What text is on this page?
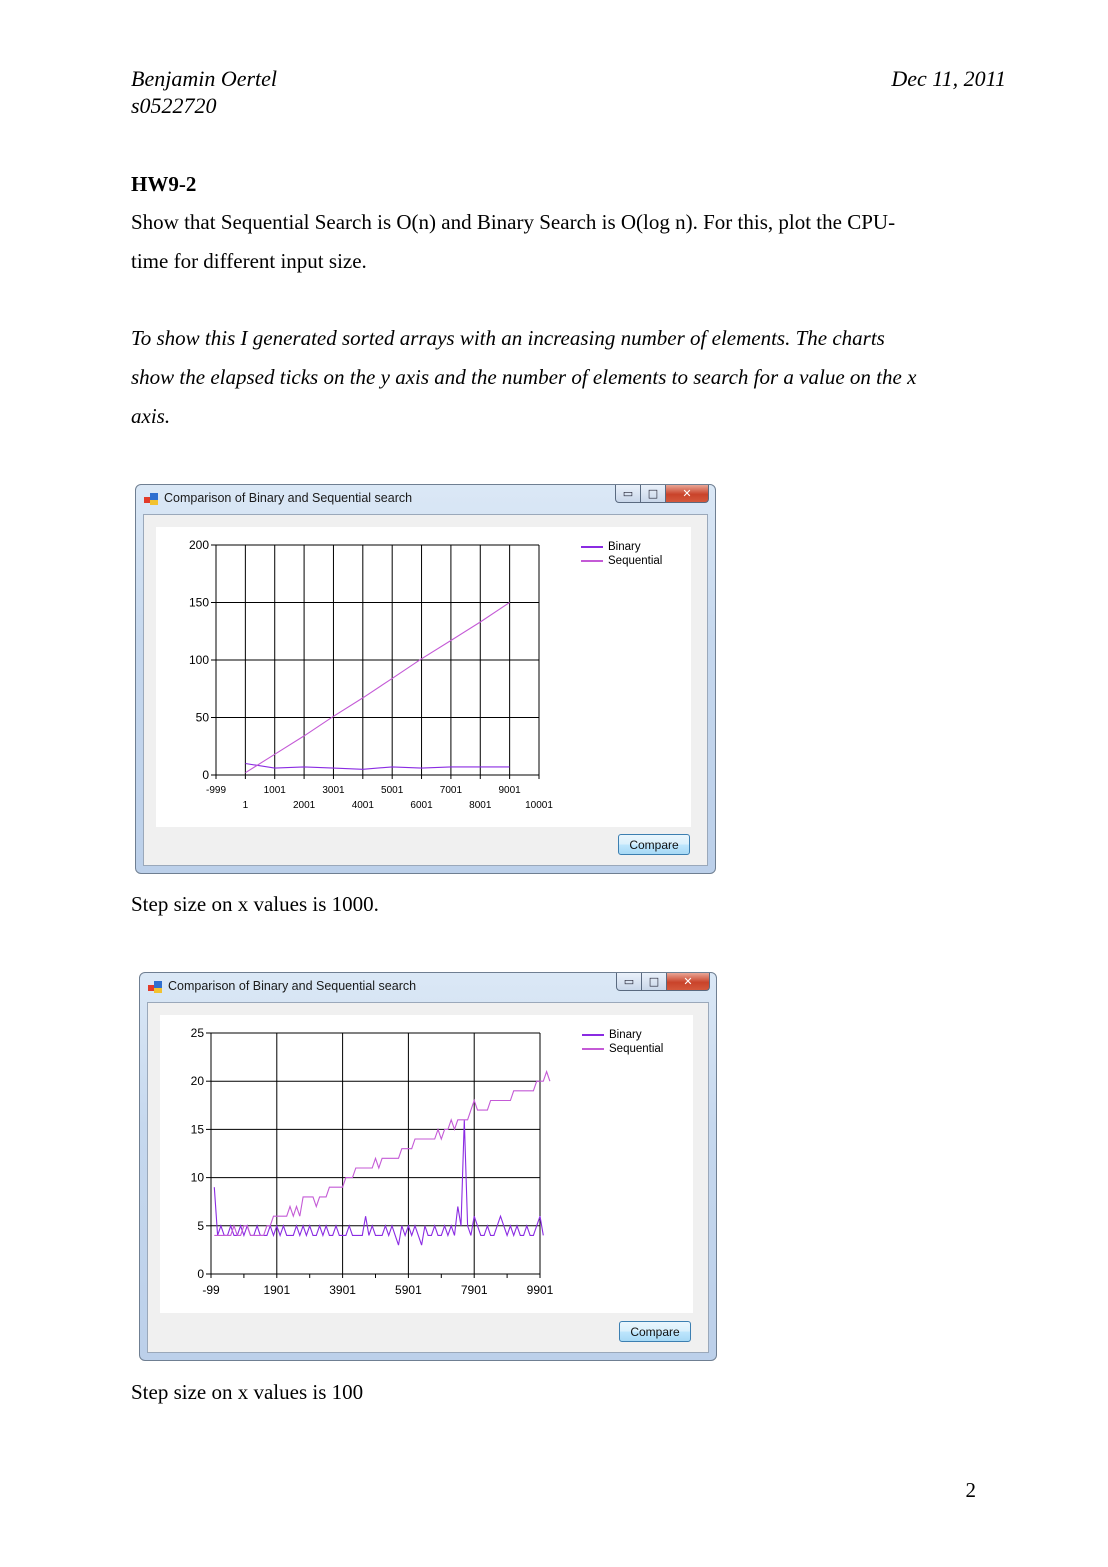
Benjamin Oertel
s0522720
Dec 11, 2011
HW9-2
Show that Sequential Search is O(n) and Binary Search is O(log n). For this, plot the CPU-
time for different input size.
To show this I generated sorted arrays with an increasing number of elements. The charts
show the elapsed ticks on the y axis and the number of elements to search for a value on the x
axis.
Comparison of Binary and Sequential search	▭ □ ✕
0
50
100
150
200
-999	1001	3001	5001	7001	9001
1	2001	4001	6001	8001	10001
Binary
Sequential
Compare
Step size on x values is 1000.
Comparison of Binary and Sequential search	▭ □ ✕
0
5
10
15
20
25
-99	1901	3901	5901	7901	9901
Binary
Sequential
Compare
Step size on x values is 100
2
